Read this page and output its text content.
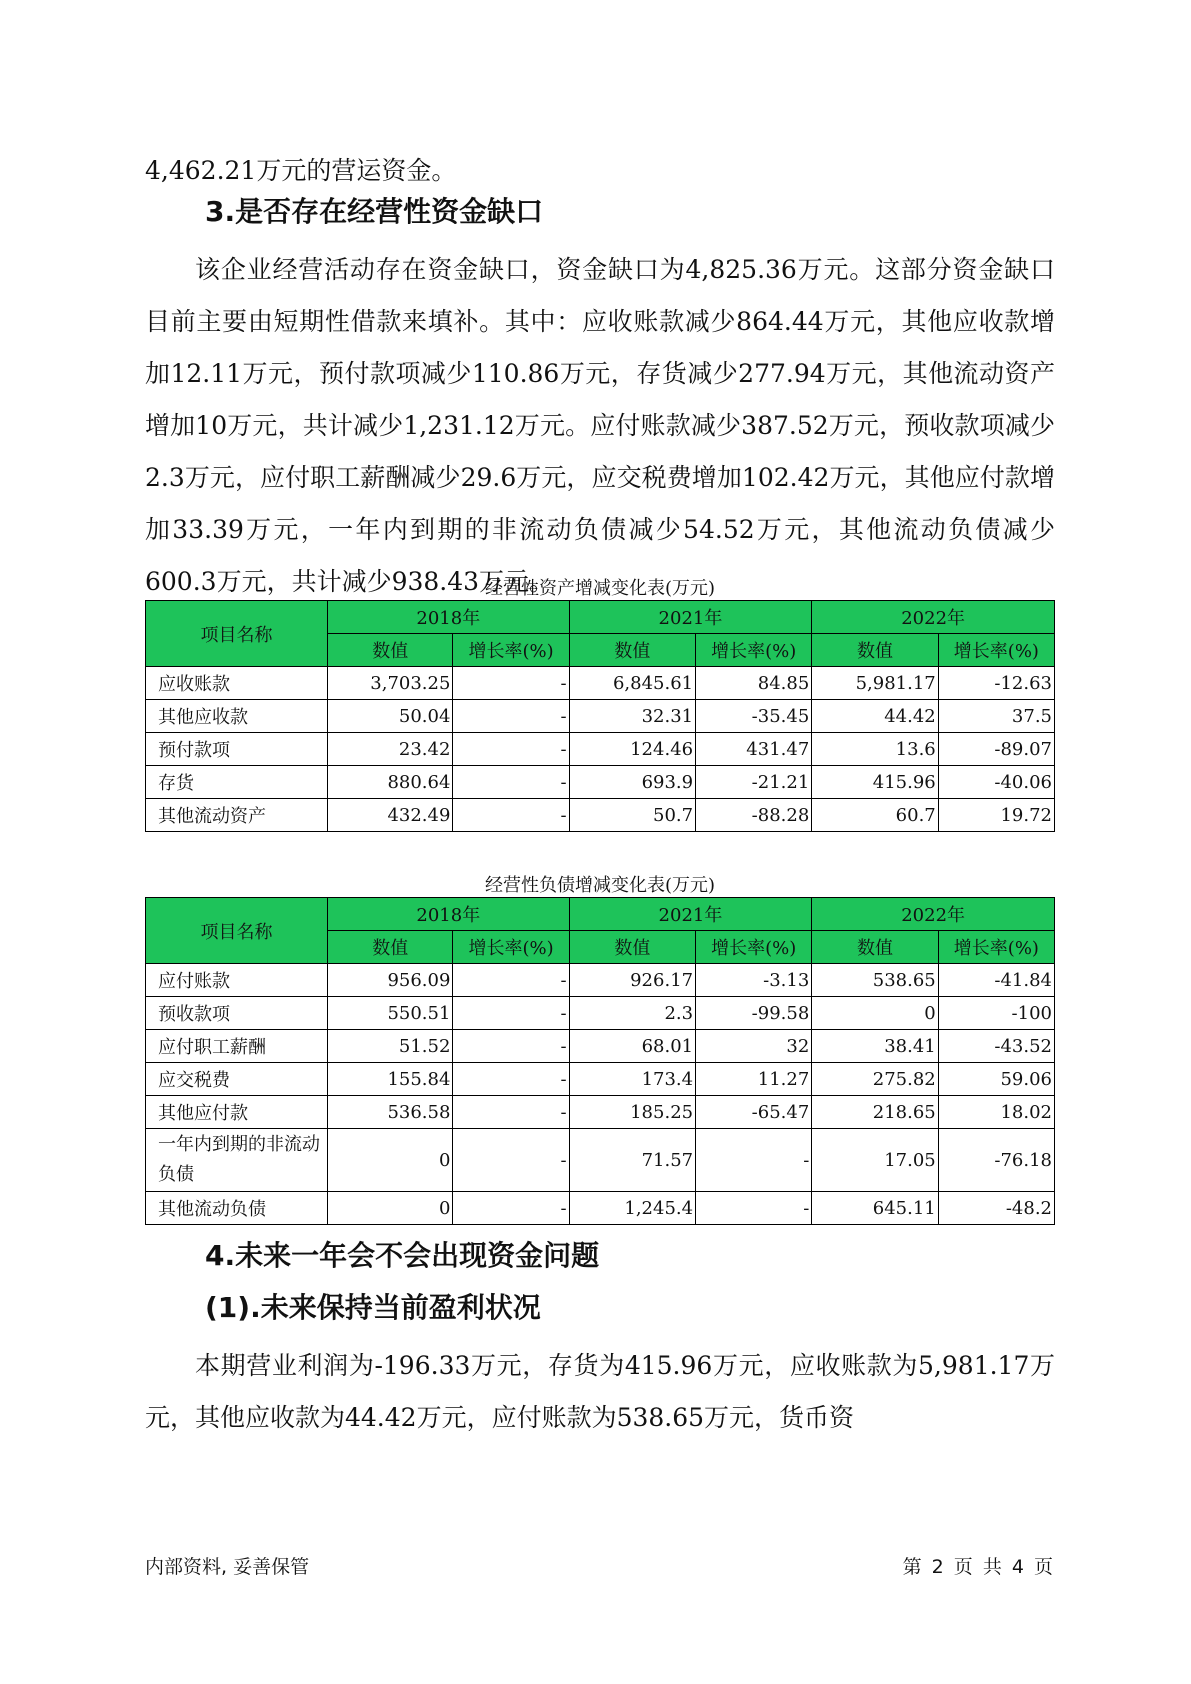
4,462.21万元的营运资金。

3.是否存在经营性资金缺口

该企业经营活动存在资金缺口，资金缺口为4,825.36万元。这部分资金缺口目前主要由短期性借款来填补。其中：应收账款减少864.44万元，其他应收款增加12.11万元，预付款项减少110.86万元，存货减少277.94万元，其他流动资产增加10万元，共计减少1,231.12万元。应付账款减少387.52万元，预收款项减少2.3万元，应付职工薪酬减少29.6万元，应交税费增加102.42万元，其他应付款增加33.39万元，一年内到期的非流动负债减少54.52万元，其他流动负债减少600.3万元，共计减少938.43万元。

经营性资产增减变化表(万元)

项目名称	2018年		2021年		2022年	
	数值	增长率(%)	数值	增长率(%)	数值	增长率(%)
应收账款	3,703.25	-	6,845.61	84.85	5,981.17	-12.63
其他应收款	50.04	-	32.31	-35.45	44.42	37.5
预付款项	23.42	-	124.46	431.47	13.6	-89.07
存货	880.64	-	693.9	-21.21	415.96	-40.06
其他流动资产	432.49	-	50.7	-88.28	60.7	19.72

经营性负债增减变化表(万元)

项目名称	2018年		2021年		2022年	
	数值	增长率(%)	数值	增长率(%)	数值	增长率(%)
应付账款	956.09	-	926.17	-3.13	538.65	-41.84
预收款项	550.51	-	2.3	-99.58	0	-100
应付职工薪酬	51.52	-	68.01	32	38.41	-43.52
应交税费	155.84	-	173.4	11.27	275.82	59.06
其他应付款	536.58	-	185.25	-65.47	218.65	18.02
一年内到期的非流动负债	0	-	71.57	-	17.05	-76.18
其他流动负债	0	-	1,245.4	-	645.11	-48.2
4.未来一年会不会出现资金问题
(1).未来保持当前盈利状况

本期营业利润为-196.33万元，存货为415.96万元，应收账款为5,981.17万元，其他应收款为44.42万元，应付账款为538.65万元，货币资

内部资料, 妥善保管	第 2 页 共 4 页
